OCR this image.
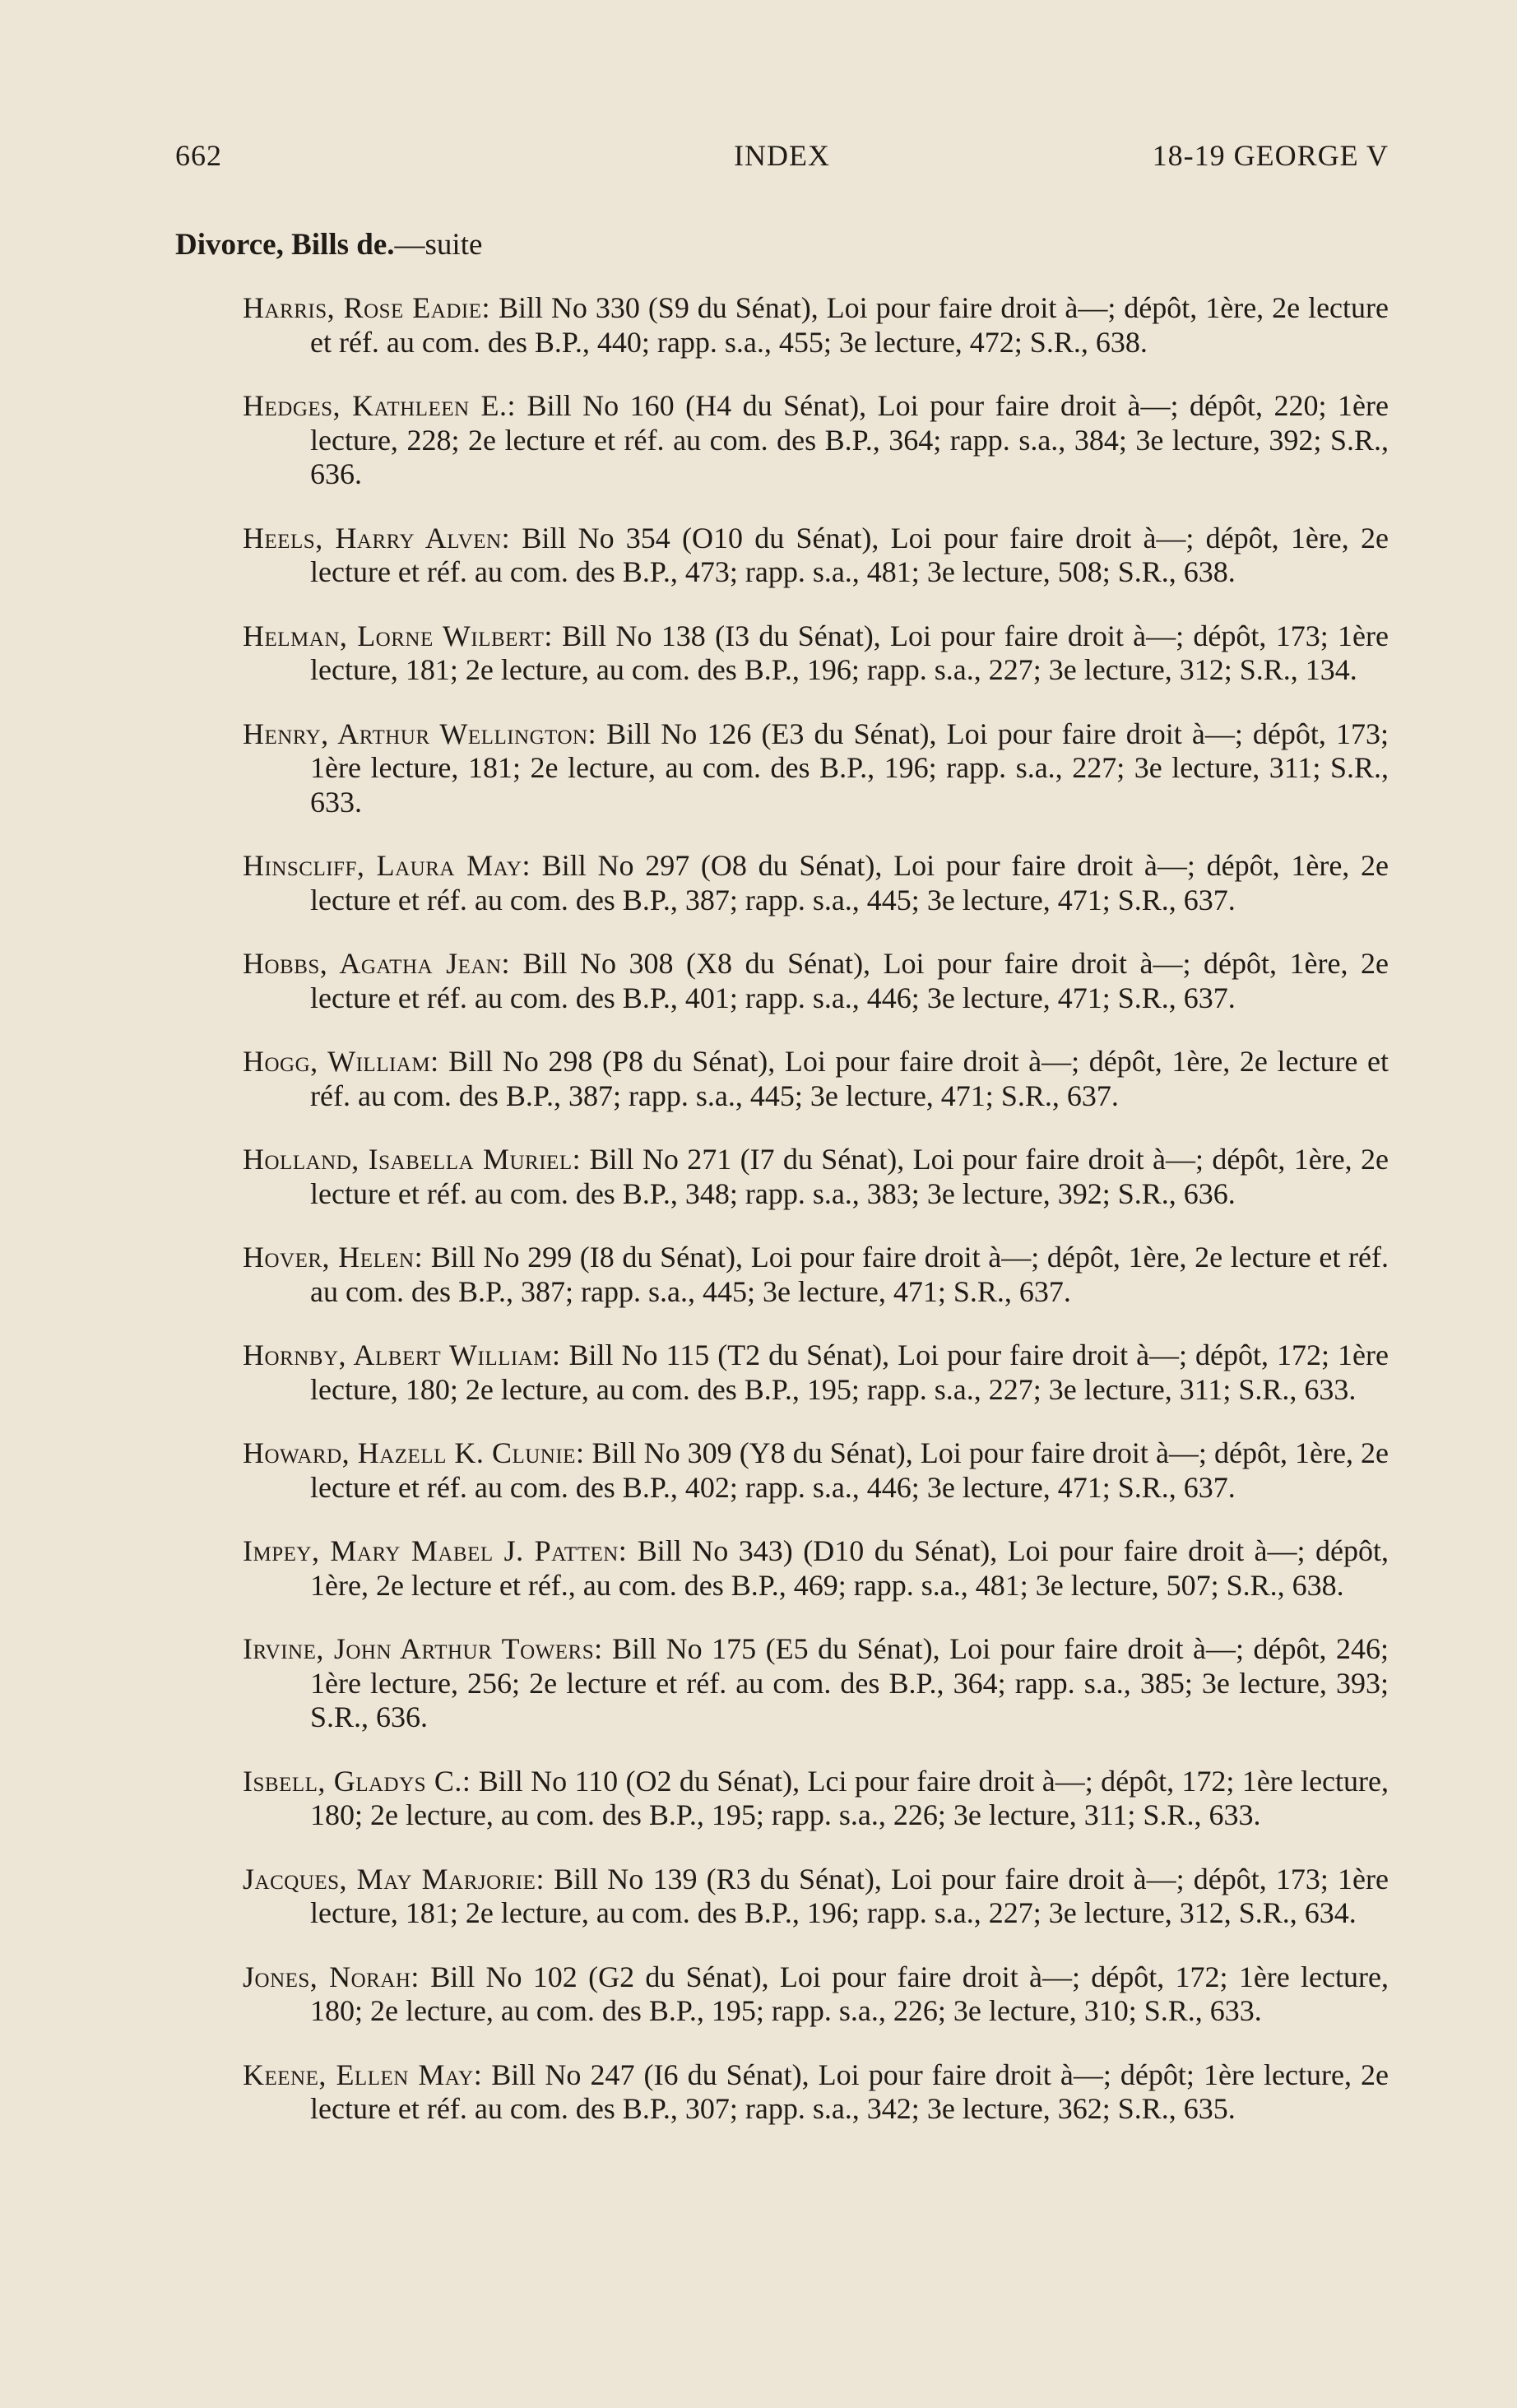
662	INDEX	18-19 GEORGE V
Divorce, Bills de.—suite

Harris, Rose Eadie: Bill No 330 (S9 du Sénat), Loi pour faire droit à—; dépôt, 1ère, 2e lecture et réf. au com. des B.P., 440; rapp. s.a., 455; 3e lecture, 472; S.R., 638.

Hedges, Kathleen E.: Bill No 160 (H4 du Sénat), Loi pour faire droit à—; dépôt, 220; 1ère lecture, 228; 2e lecture et réf. au com. des B.P., 364; rapp. s.a., 384; 3e lecture, 392; S.R., 636.

Heels, Harry Alven: Bill No 354 (O10 du Sénat), Loi pour faire droit à—; dépôt, 1ère, 2e lecture et réf. au com. des B.P., 473; rapp. s.a., 481; 3e lecture, 508; S.R., 638.

Helman, Lorne Wilbert: Bill No 138 (I3 du Sénat), Loi pour faire droit à—; dépôt, 173; 1ère lecture, 181; 2e lecture, au com. des B.P., 196; rapp. s.a., 227; 3e lecture, 312; S.R., 134.

Henry, Arthur Wellington: Bill No 126 (E3 du Sénat), Loi pour faire droit à—; dépôt, 173; 1ère lecture, 181; 2e lecture, au com. des B.P., 196; rapp. s.a., 227; 3e lecture, 311; S.R., 633.

Hinscliff, Laura May: Bill No 297 (O8 du Sénat), Loi pour faire droit à—; dépôt, 1ère, 2e lecture et réf. au com. des B.P., 387; rapp. s.a., 445; 3e lecture, 471; S.R., 637.

Hobbs, Agatha Jean: Bill No 308 (X8 du Sénat), Loi pour faire droit à—; dépôt, 1ère, 2e lecture et réf. au com. des B.P., 401; rapp. s.a., 446; 3e lecture, 471; S.R., 637.

Hogg, William: Bill No 298 (P8 du Sénat), Loi pour faire droit à—; dépôt, 1ère, 2e lecture et réf. au com. des B.P., 387; rapp. s.a., 445; 3e lecture, 471; S.R., 637.

Holland, Isabella Muriel: Bill No 271 (I7 du Sénat), Loi pour faire droit à—; dépôt, 1ère, 2e lecture et réf. au com. des B.P., 348; rapp. s.a., 383; 3e lecture, 392; S.R., 636.

Hover, Helen: Bill No 299 (I8 du Sénat), Loi pour faire droit à—; dépôt, 1ère, 2e lecture et réf. au com. des B.P., 387; rapp. s.a., 445; 3e lecture, 471; S.R., 637.

Hornby, Albert William: Bill No 115 (T2 du Sénat), Loi pour faire droit à—; dépôt, 172; 1ère lecture, 180; 2e lecture, au com. des B.P., 195; rapp. s.a., 227; 3e lecture, 311; S.R., 633.

Howard, Hazell K. Clunie: Bill No 309 (Y8 du Sénat), Loi pour faire droit à—; dépôt, 1ère, 2e lecture et réf. au com. des B.P., 402; rapp. s.a., 446; 3e lecture, 471; S.R., 637.

Impey, Mary Mabel J. Patten: Bill No 343) (D10 du Sénat), Loi pour faire droit à—; dépôt, 1ère, 2e lecture et réf., au com. des B.P., 469; rapp. s.a., 481; 3e lecture, 507; S.R., 638.

Irvine, John Arthur Towers: Bill No 175 (E5 du Sénat), Loi pour faire droit à—; dépôt, 246; 1ère lecture, 256; 2e lecture et réf. au com. des B.P., 364; rapp. s.a., 385; 3e lecture, 393; S.R., 636.

Isbell, Gladys C.: Bill No 110 (O2 du Sénat), Lci pour faire droit à—; dépôt, 172; 1ère lecture, 180; 2e lecture, au com. des B.P., 195; rapp. s.a., 226; 3e lecture, 311; S.R., 633.

Jacques, May Marjorie: Bill No 139 (R3 du Sénat), Loi pour faire droit à—; dépôt, 173; 1ère lecture, 181; 2e lecture, au com. des B.P., 196; rapp. s.a., 227; 3e lecture, 312, S.R., 634.

Jones, Norah: Bill No 102 (G2 du Sénat), Loi pour faire droit à—; dépôt, 172; 1ère lecture, 180; 2e lecture, au com. des B.P., 195; rapp. s.a., 226; 3e lecture, 310; S.R., 633.

Keene, Ellen May: Bill No 247 (I6 du Sénat), Loi pour faire droit à—; dépôt; 1ère lecture, 2e lecture et réf. au com. des B.P., 307; rapp. s.a., 342; 3e lecture, 362; S.R., 635.
